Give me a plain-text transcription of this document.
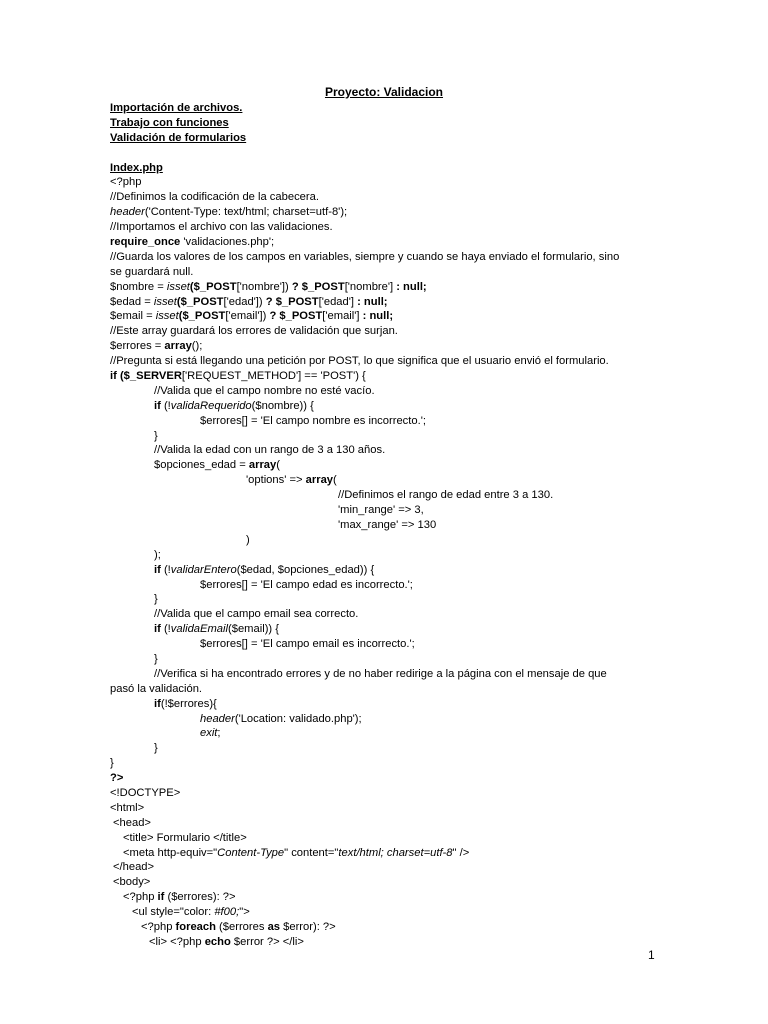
Proyecto: Validacion
Importación de archivos.
Trabajo con funciones
Validación de formularios
Index.php
<?php
//Definimos la codificación de la cabecera.
header('Content-Type: text/html; charset=utf-8');
//Importamos el archivo con las validaciones.
require_once 'validaciones.php';
//Guarda los valores de los campos en variables, siempre y cuando se haya enviado el formulario, sino
se guardará null.
$nombre = isset($_POST['nombre']) ? $_POST['nombre'] : null;
$edad = isset($_POST['edad']) ? $_POST['edad'] : null;
$email = isset($_POST['email']) ? $_POST['email'] : null;
//Este array guardará los errores de validación que surjan.
$errores = array();
//Pregunta si está llegando una petición por POST, lo que significa que el usuario envió el formulario.
if ($_SERVER['REQUEST_METHOD'] == 'POST') {
//Valida que el campo nombre no esté vacío.
if (!validaRequerido($nombre)) {
$errores[] = 'El campo nombre es incorrecto.';
}
//Valida la edad con un rango de 3 a 130 años.
$opciones_edad = array(
'options' => array(
//Definimos el rango de edad entre 3 a 130.
'min_range' => 3,
'max_range' => 130
)
);
if (!validarEntero($edad, $opciones_edad)) {
$errores[] = 'El campo edad es incorrecto.';
}
//Valida que el campo email sea correcto.
if (!validaEmail($email)) {
$errores[] = 'El campo email es incorrecto.';
}
//Verifica si ha encontrado errores y de no haber redirige a la página con el mensaje de que
pasó la validación.
if(!$errores){
header('Location: validado.php');
exit;
}
}
?>
<!DOCTYPE>
<html>
<head>
<title> Formulario </title>
<meta http-equiv="Content-Type" content="text/html; charset=utf-8" />
</head>
<body>
<?php if ($errores): ?>
<ul style="color: #f00;">
<?php foreach ($errores as $error): ?>
<li> <?php echo $error ?> </li>
1
